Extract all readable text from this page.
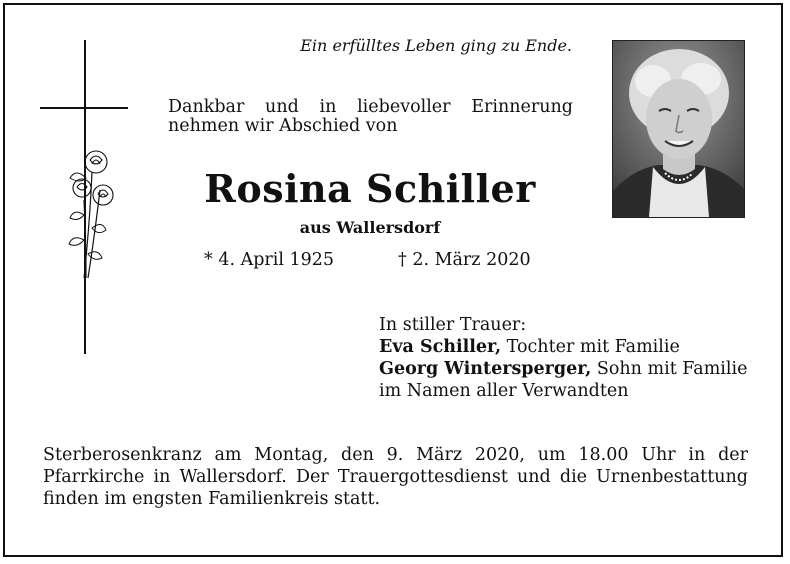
Ein erfülltes Leben ging zu Ende.
Dankbar und in liebevoller Erinnerung
nehmen wir Abschied von
Rosina Schiller
aus Wallersdorf
* 4. April 1925	† 2. März 2020
In stiller Trauer:
Eva Schiller, Tochter mit Familie
Georg Wintersperger, Sohn mit Familie
im Namen aller Verwandten
Sterberosenkranz am Montag, den 9. März 2020, um 18.00 Uhr in der Pfarrkirche in Wallersdorf. Der Trauergottesdienst und die Urnenbestattung finden im engsten Familienkreis statt.
